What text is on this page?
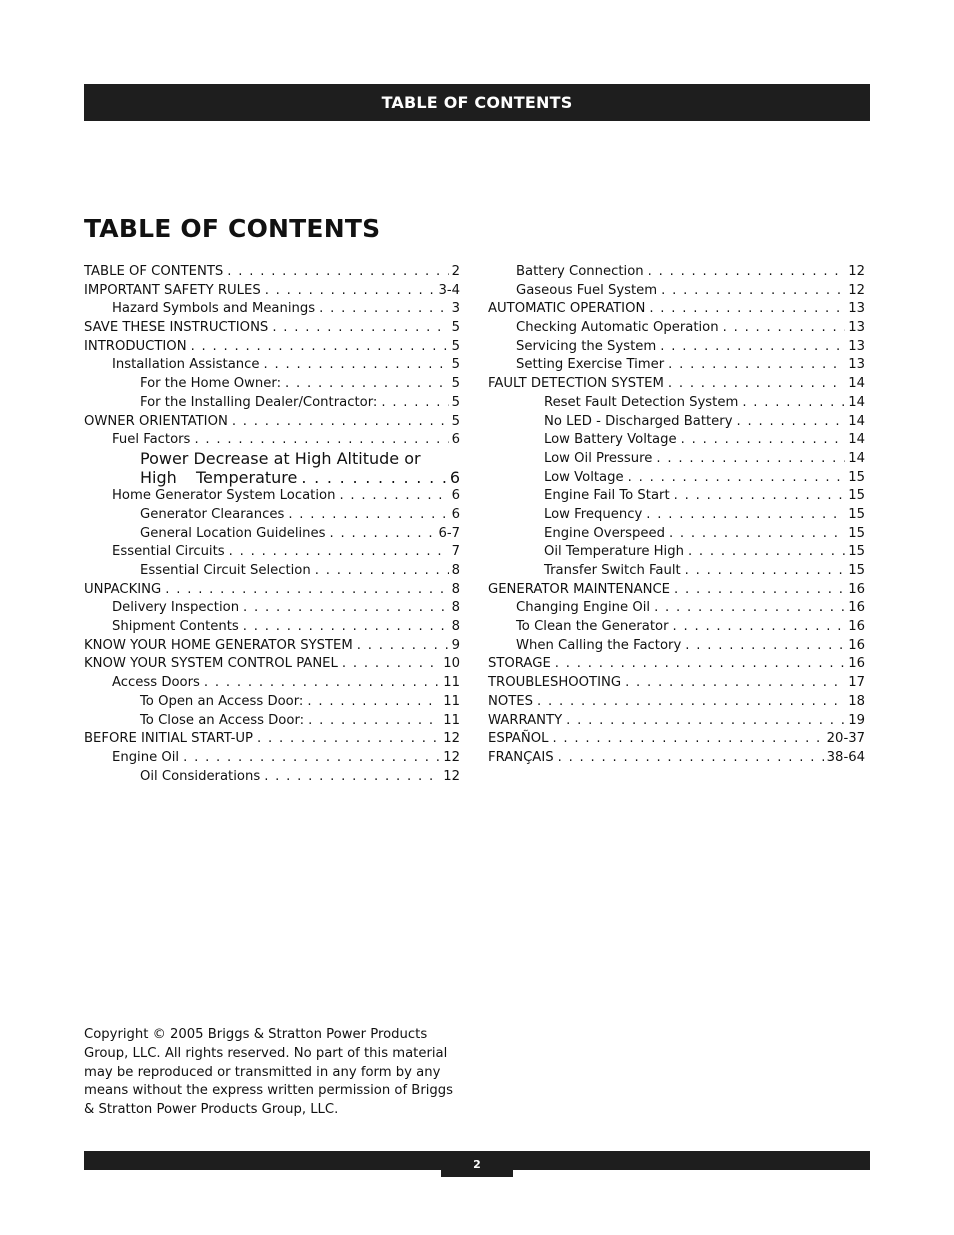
TABLE OF CONTENTS
TABLE OF CONTENTS
TABLE OF CONTENTS . . .	2
IMPORTANT SAFETY RULES . . .	3-4
Hazard Symbols and Meanings . . .	3
SAVE THESE INSTRUCTIONS . . .	5
INTRODUCTION . . .	5
Installation Assistance . . .	5
For the Home Owner: . . .	5
For the Installing Dealer/Contractor: . . .	5
OWNER ORIENTATION . . .	5
Fuel Factors . . .	6
Power Decrease at High Altitude or High	Temperature . . .	6
Home Generator System Location . . .	6
Generator Clearances . . .	6
General Location Guidelines . . .	6-7
Essential Circuits . . .	7
Essential Circuit Selection . . .	8
UNPACKING . . .	8
Delivery Inspection . . .	8
Shipment Contents . . .	8
KNOW YOUR HOME GENERATOR SYSTEM . . .	9
KNOW YOUR SYSTEM CONTROL PANEL . . .	10
Access Doors . . .	11
To Open an Access Door: . . .	11
To Close an Access Door: . . .	11
BEFORE INITIAL START-UP . . .	12
Engine Oil . . .	12
Oil Considerations . . .	12
Battery Connection . . .	12
Gaseous Fuel System . . .	12
AUTOMATIC OPERATION . . .	13
Checking Automatic Operation . . .	13
Servicing the System . . .	13
Setting Exercise Timer . . .	13
FAULT DETECTION SYSTEM . . .	14
Reset Fault Detection System . . .	14
No LED - Discharged Battery . . .	14
Low Battery Voltage . . .	14
Low Oil Pressure . . .	14
Low Voltage . . .	15
Engine Fail To Start . . .	15
Low Frequency . . .	15
Engine Overspeed . . .	15
Oil Temperature High . . .	15
Transfer Switch Fault . . .	15
GENERATOR MAINTENANCE . . .	16
Changing Engine Oil . . .	16
To Clean the Generator . . .	16
When Calling the Factory . . .	16
STORAGE . . .	16
TROUBLESHOOTING . . .	17
NOTES . . .	18
WARRANTY . . .	19
ESPAÑOL . . .	20-37
FRANÇAIS . . .	38-64

Copyright © 2005 Briggs & Stratton Power Products Group, LLC. All rights reserved. No part of this material may be reproduced or transmitted in any form by any means without the express written permission of Briggs & Stratton Power Products Group, LLC.

2
